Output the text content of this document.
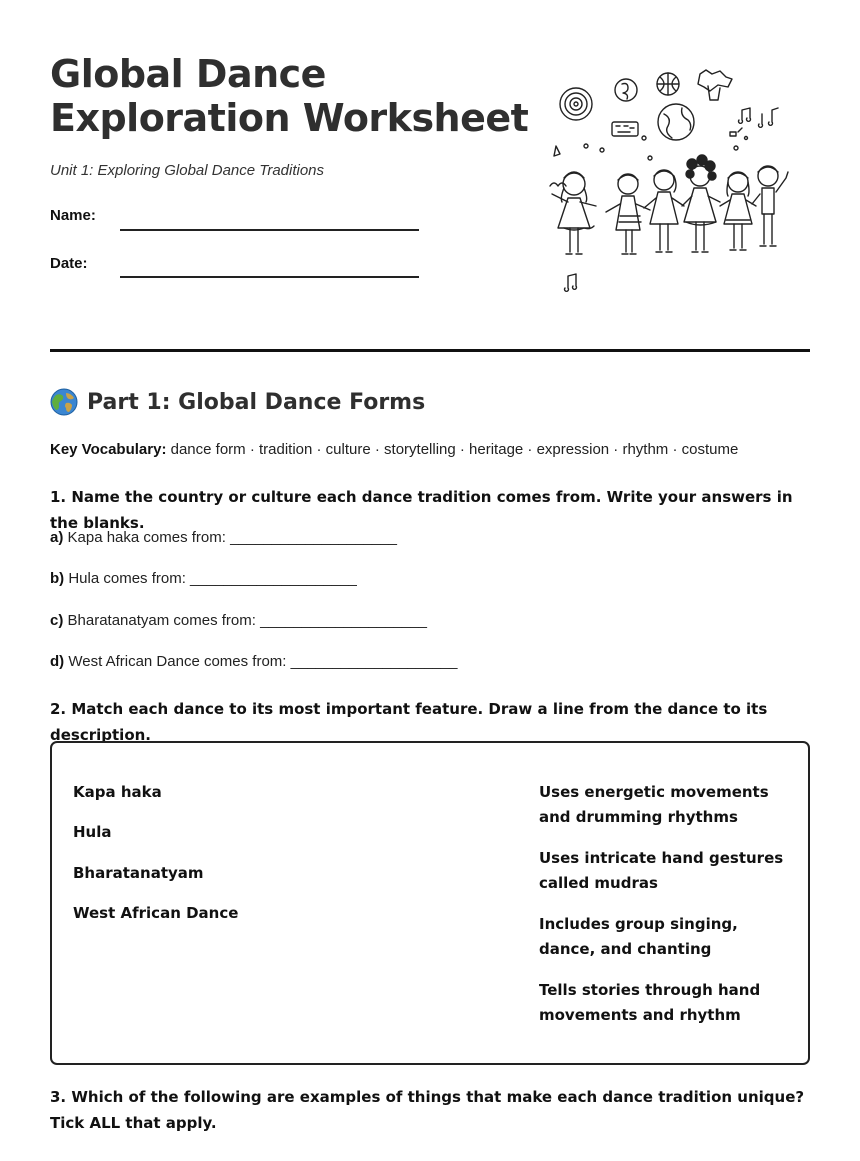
Global Dance
Exploration Worksheet
Unit 1: Exploring Global Dance Traditions
Name:
Date:
Part 1: Global Dance Forms
Key Vocabulary: dance form · tradition · culture · storytelling · heritage · expression · rhythm · costume
1. Name the country or culture each dance tradition comes from. Write your answers in the blanks.
a) Kapa haka comes from: ____________________
b) Hula comes from: ____________________
c) Bharatanatyam comes from: ____________________
d) West African Dance comes from: ____________________
2. Match each dance to its most important feature. Draw a line from the dance to its description.
Kapa haka
Hula
Bharatanatyam
West African Dance
Uses energetic movements and drumming rhythms
Uses intricate hand gestures called mudras
Includes group singing, dance, and chanting
Tells stories through hand movements and rhythm
3. Which of the following are examples of things that make each dance tradition unique? Tick ALL that apply.
